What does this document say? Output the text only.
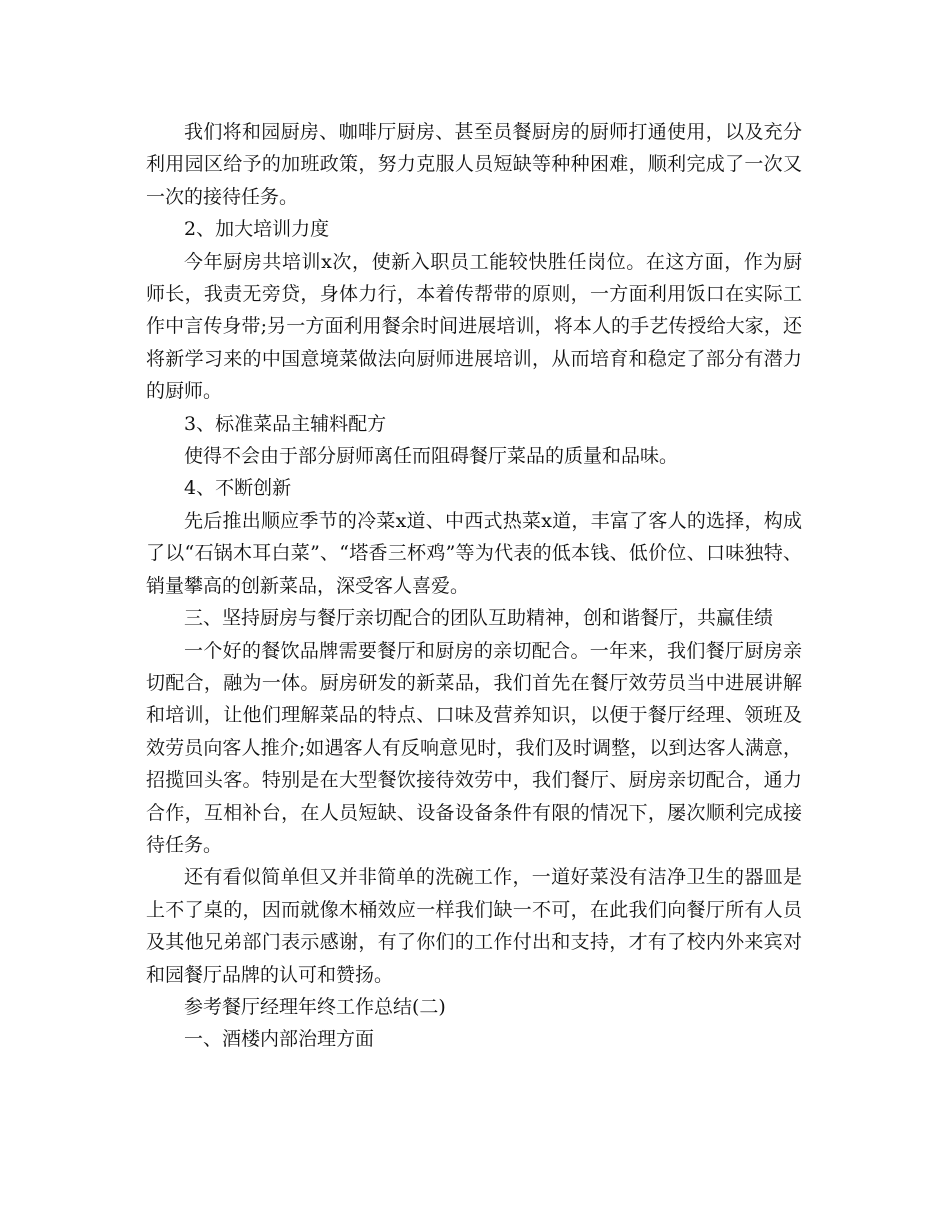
我们将和园厨房、咖啡厅厨房、甚至员餐厨房的厨师打通使用，以及充分利用园区给予的加班政策，努力克服人员短缺等种种困难，顺利完成了一次又一次的接待任务。

2、加大培训力度

今年厨房共培训x次，使新入职员工能较快胜任岗位。在这方面，作为厨师长，我责无旁贷，身体力行，本着传帮带的原则，一方面利用饭口在实际工作中言传身带;另一方面利用餐余时间进展培训，将本人的手艺传授给大家，还将新学习来的中国意境菜做法向厨师进展培训，从而培育和稳定了部分有潜力的厨师。

3、标准菜品主辅料配方

使得不会由于部分厨师离任而阻碍餐厅菜品的质量和品味。

4、不断创新

先后推出顺应季节的冷菜x道、中西式热菜x道，丰富了客人的选择，构成了以“石锅木耳白菜”、“塔香三杯鸡”等为代表的低本钱、低价位、口味独特、销量攀高的创新菜品，深受客人喜爱。

三、坚持厨房与餐厅亲切配合的团队互助精神，创和谐餐厅，共赢佳绩

一个好的餐饮品牌需要餐厅和厨房的亲切配合。一年来，我们餐厅厨房亲切配合，融为一体。厨房研发的新菜品，我们首先在餐厅效劳员当中进展讲解和培训，让他们理解菜品的特点、口味及营养知识，以便于餐厅经理、领班及效劳员向客人推介;如遇客人有反响意见时，我们及时调整，以到达客人满意，招揽回头客。特别是在大型餐饮接待效劳中，我们餐厅、厨房亲切配合，通力合作，互相补台，在人员短缺、设备设备条件有限的情况下，屡次顺利完成接待任务。

还有看似简单但又并非简单的洗碗工作，一道好菜没有洁净卫生的器皿是上不了桌的，因而就像木桶效应一样我们缺一不可，在此我们向餐厅所有人员及其他兄弟部门表示感谢，有了你们的工作付出和支持，才有了校内外来宾对和园餐厅品牌的认可和赞扬。

参考餐厅经理年终工作总结(二)

一、酒楼内部治理方面
